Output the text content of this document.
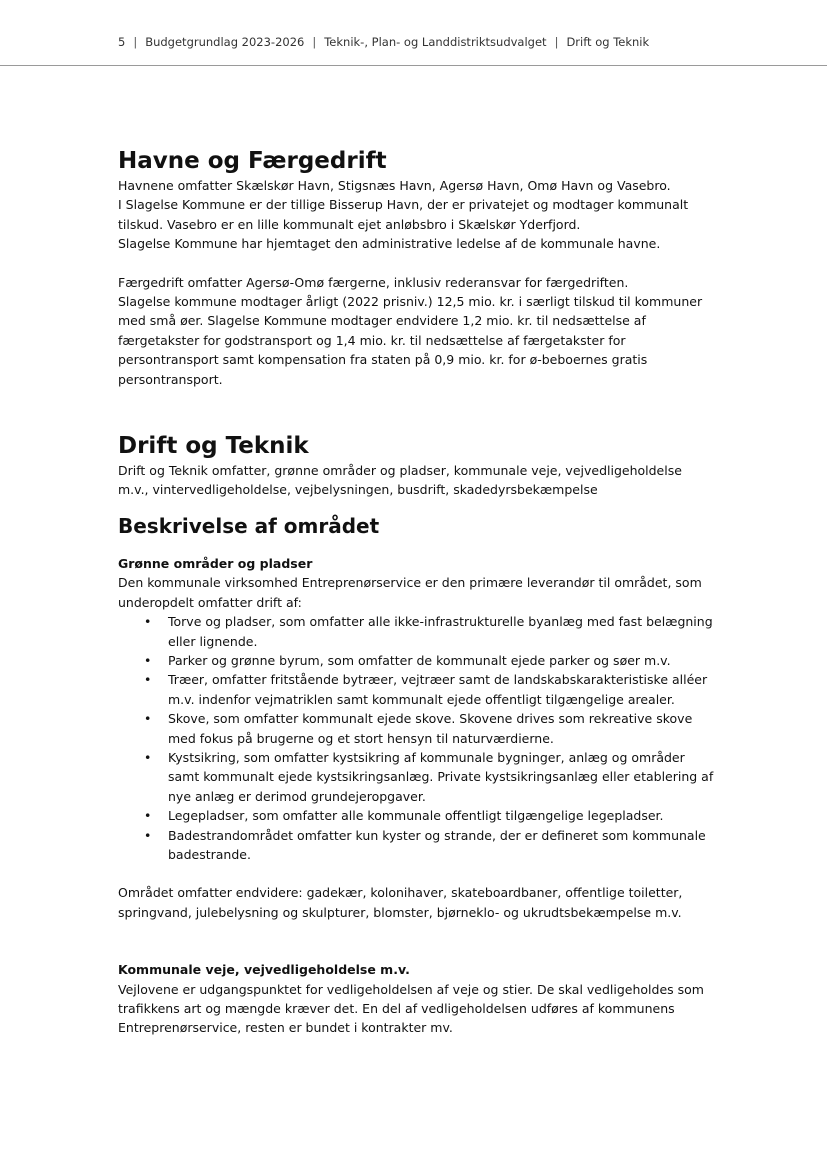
5 | Budgetgrundlag 2023-2026 | Teknik-, Plan- og Landdistriktsudvalget | Drift og Teknik
Havne og Færgedrift

Havnene omfatter Skælskør Havn, Stigsnæs Havn, Agersø Havn, Omø Havn og Vasebro.

I Slagelse Kommune er der tillige Bisserup Havn, der er privatejet og modtager kommunalt tilskud. Vasebro er en lille kommunalt ejet anløbsbro i Skælskør Yderfjord.

Slagelse Kommune har hjemtaget den administrative ledelse af de kommunale havne.

Færgedrift omfatter Agersø-Omø færgerne, inklusiv rederansvar for færgedriften.

Slagelse kommune modtager årligt (2022 prisniv.) 12,5 mio. kr. i særligt tilskud til kommuner med små øer. Slagelse Kommune modtager endvidere 1,2 mio. kr. til nedsættelse af færgetakster for godstransport og 1,4 mio. kr. til nedsættelse af færgetakster for persontransport samt kompensation fra staten på 0,9 mio. kr. for ø-beboernes gratis persontransport.

Drift og Teknik

Drift og Teknik omfatter, grønne områder og pladser, kommunale veje, vejvedligeholdelse m.v., vintervedligeholdelse, vejbelysningen, busdrift, skadedyrsbekæmpelse

Beskrivelse af området

Grønne områder og pladser

Den kommunale virksomhed Entreprenørservice er den primære leverandør til området, som underopdelt omfatter drift af:

• Torve og pladser, som omfatter alle ikke-infrastrukturelle byanlæg med fast belægning eller lignende.
• Parker og grønne byrum, som omfatter de kommunalt ejede parker og søer m.v.
• Træer, omfatter fritstående bytræer, vejtræer samt de landskabskarakteristiske alléer m.v. indenfor vejmatriklen samt kommunalt ejede offentligt tilgængelige arealer.
• Skove, som omfatter kommunalt ejede skove. Skovene drives som rekreative skove med fokus på brugerne og et stort hensyn til naturværdierne.
• Kystsikring, som omfatter kystsikring af kommunale bygninger, anlæg og områder samt kommunalt ejede kystsikringsanlæg. Private kystsikringsanlæg eller etablering af nye anlæg er derimod grundejeropgaver.
• Legepladser, som omfatter alle kommunale offentligt tilgængelige legepladser.
• Badestrandområdet omfatter kun kyster og strande, der er defineret som kommunale badestrande.

Området omfatter endvidere: gadekær, kolonihaver, skateboardbaner, offentlige toiletter, springvand, julebelysning og skulpturer, blomster, bjørneklo- og ukrudtsbekæmpelse m.v.

Kommunale veje, vejvedligeholdelse m.v.

Vejlovene er udgangspunktet for vedligeholdelsen af veje og stier. De skal vedligeholdes som trafikkens art og mængde kræver det. En del af vedligeholdelsen udføres af kommunens Entreprenørservice, resten er bundet i kontrakter mv.
